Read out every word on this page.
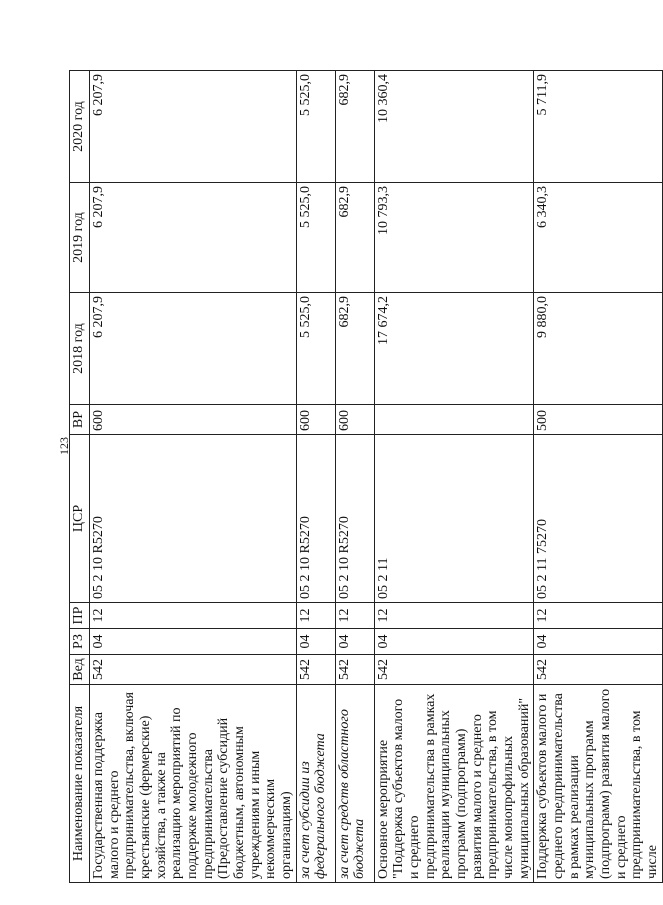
123
Наименование показателя	Вед	РЗ	ПР	ЦСР	ВР	2018 год	2019 год	2020 год
Государственная поддержка малого и среднего предпринимательства, включая крестьянские (фермерские) хозяйства, а также на реализацию мероприятий по поддержке молодежного предпринимательства (Предоставление субсидий бюджетным, автономным учреждениям и иным некоммерческим организациям)	542	04	12	05 2 10 R5270	600	6 207,9	6 207,9	6 207,9
за счет субсидии из федерального бюджета	542	04	12	05 2 10 R5270	600	5 525,0	5 525,0	5 525,0
за счет средств областного бюджета	542	04	12	05 2 10 R5270	600	682,9	682,9	682,9
Основное мероприятие "Поддержка субъектов малого и среднего предпринимательства в рамках реализации муниципальных программ (подпрограмм) развития малого и среднего предпринимательства, в том числе монопрофильных муниципальных образований"	542	04	12	05 2 11		17 674,2	10 793,3	10 360,4
Поддержка субъектов малого и среднего предпринимательства в рамках реализации муниципальных программ (подпрограмм) развития малого и среднего предпринимательства, в том числе	542	04	12	05 2 11 75270	500	9 880,0	6 340,3	5 711,9
